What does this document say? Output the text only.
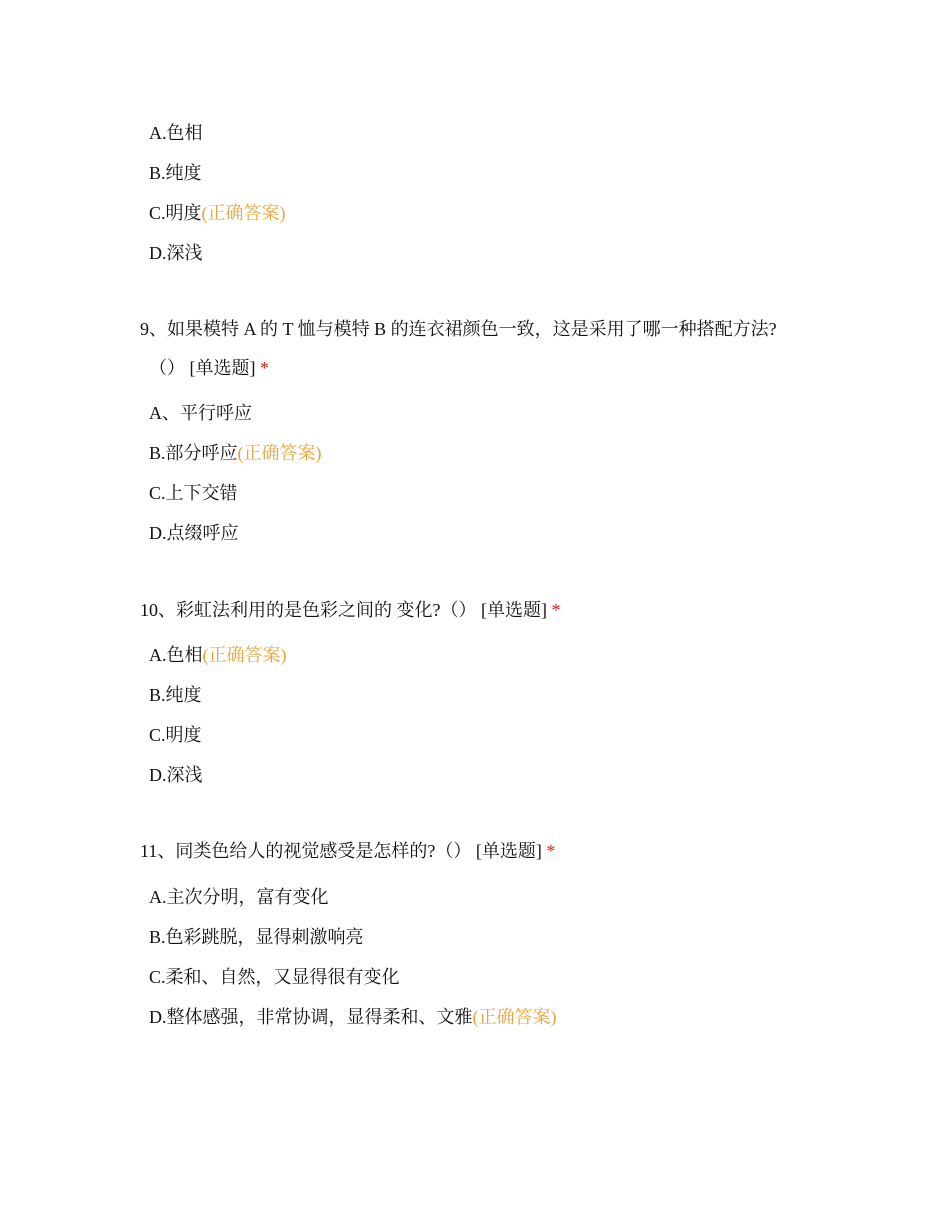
A.色相
B.纯度
C.明度(正确答案)
D.深浅
9、如果模特 A 的 T 恤与模特 B 的连衣裙颜色一致，这是采用了哪一种搭配方法?
（） [单选题] *
A、平行呼应
B.部分呼应(正确答案)
C.上下交错
D.点缀呼应
10、彩虹法利用的是色彩之间的 变化?（） [单选题] *
A.色相(正确答案)
B.纯度
C.明度
D.深浅
11、同类色给人的视觉感受是怎样的?（） [单选题] *
A.主次分明，富有变化
B.色彩跳脱，显得刺激响亮
C.柔和、自然，又显得很有变化
D.整体感强，非常协调，显得柔和、文雅(正确答案)
